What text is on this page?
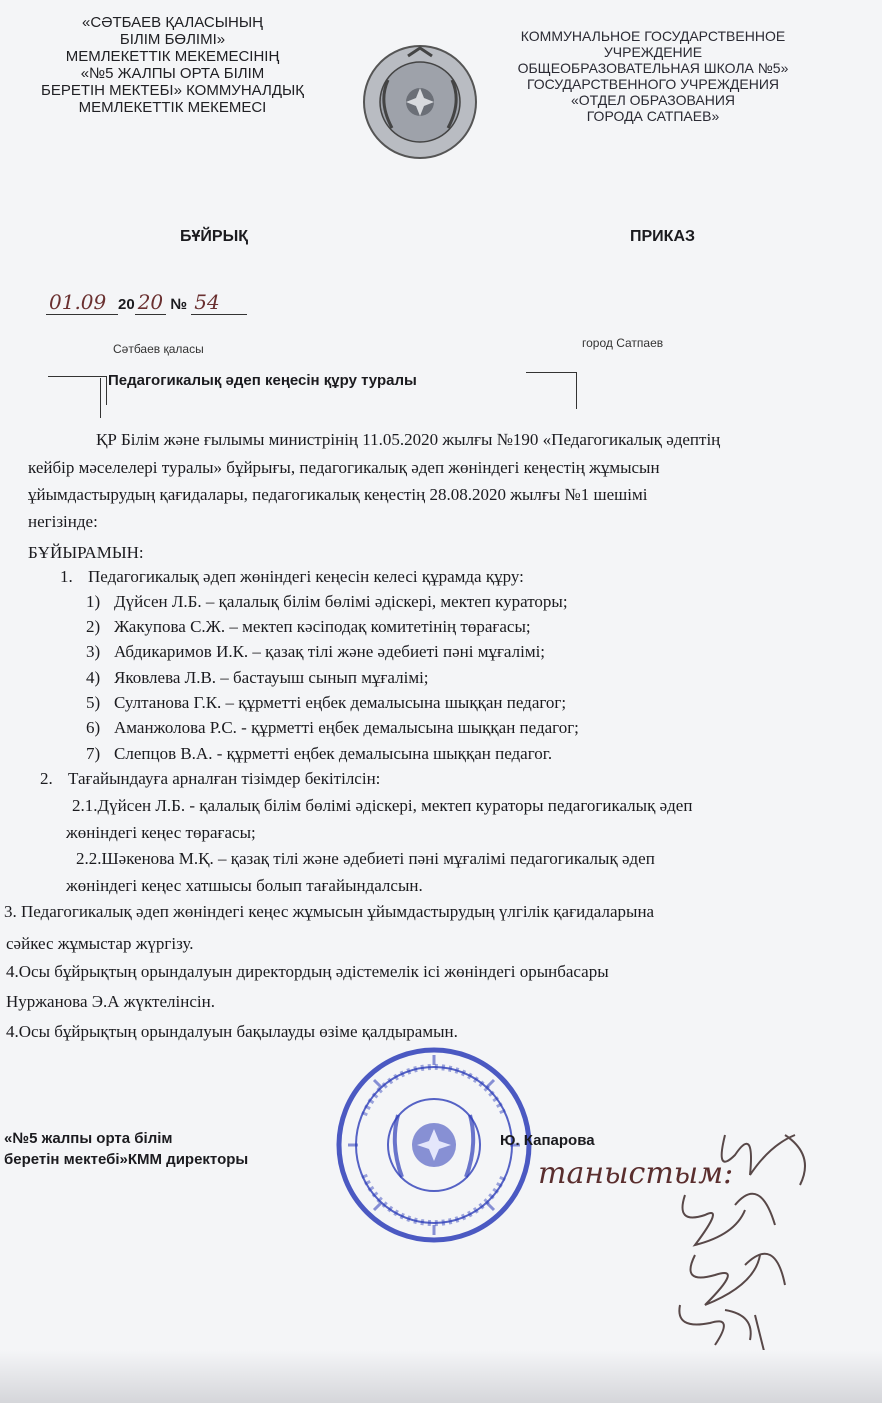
«СӘТБАЕВ ҚАЛАСЫНЫҢ
БІЛІМ БӨЛІМІ»
МЕМЛЕКЕТТІК МЕКЕМЕСІНІҢ
«№5 ЖАЛПЫ ОРТА БІЛІМ
БЕРЕТІН МЕКТЕБІ» КОММУНАЛДЫҚ
МЕМЛЕКЕТТІК МЕКЕМЕСІ
КОММУНАЛЬНОЕ ГОСУДАРСТВЕННОЕ
УЧРЕЖДЕНИЕ
ОБЩЕОБРАЗОВАТЕЛЬНАЯ ШКОЛА №5»
ГОСУДАРСТВЕННОГО УЧРЕЖДЕНИЯ
«ОТДЕЛ ОБРАЗОВАНИЯ
ГОРОДА САТПАЕВ»
БҰЙРЫҚ	ПРИКАЗ
01.09 20 20 № 54
Сәтбаев қаласы	город Сатпаев
Педагогикалық әдеп кеңесін құру туралы
ҚР Білім және ғылымы министрінің 11.05.2020 жылғы №190 «Педагогикалық әдептің
кейбір мәселелері туралы» бұйрығы, педагогикалық әдеп жөніндегі кеңестің жұмысын
ұйымдастырудың қағидалары, педагогикалық кеңестің 28.08.2020 жылғы №1 шешімі
негізінде:
БҰЙЫРАМЫН:
1. Педагогикалық әдеп жөніндегі кеңесін келесі құрамда құру:
1) Дүйсен Л.Б. – қалалық білім бөлімі әдіскері, мектеп кураторы;
2) Жакупова С.Ж. – мектеп кәсіподақ комитетінің төрағасы;
3) Абдикаримов И.К. – қазақ тілі және әдебиеті пәні мұғалімі;
4) Яковлева Л.В. – бастауыш сынып мұғалімі;
5) Султанова Г.К. – құрметті еңбек демалысына шыққан педагог;
6) Аманжолова Р.С. - құрметті еңбек демалысына шыққан педагог;
7) Слепцов В.А. - құрметті еңбек демалысына шыққан педагог.
2. Тағайындауға арналған тізімдер бекітілсін:
2.1.Дүйсен Л.Б. - қалалық білім бөлімі әдіскері, мектеп кураторы педагогикалық әдеп
жөніндегі кеңес төрағасы;
2.2.Шәкенова М.Қ. – қазақ тілі және әдебиеті пәні мұғалімі педагогикалық әдеп
жөніндегі кеңес хатшысы болып тағайындалсын.
3. Педагогикалық әдеп жөніндегі кеңес жұмысын ұйымдастырудың үлгілік қағидаларына
сәйкес жұмыстар жүргізу.
4.Осы бұйрықтың орындалуын директордың әдістемелік ісі жөніндегі орынбасары
Нуржанова Э.А жүктелінсін.
4.Осы бұйрықтың орындалуын бақылауды өзіме қалдырамын.
«№5 жалпы орта білім
беретін мектебі»КММ директоры
Ю. Капарова
таныстым:
